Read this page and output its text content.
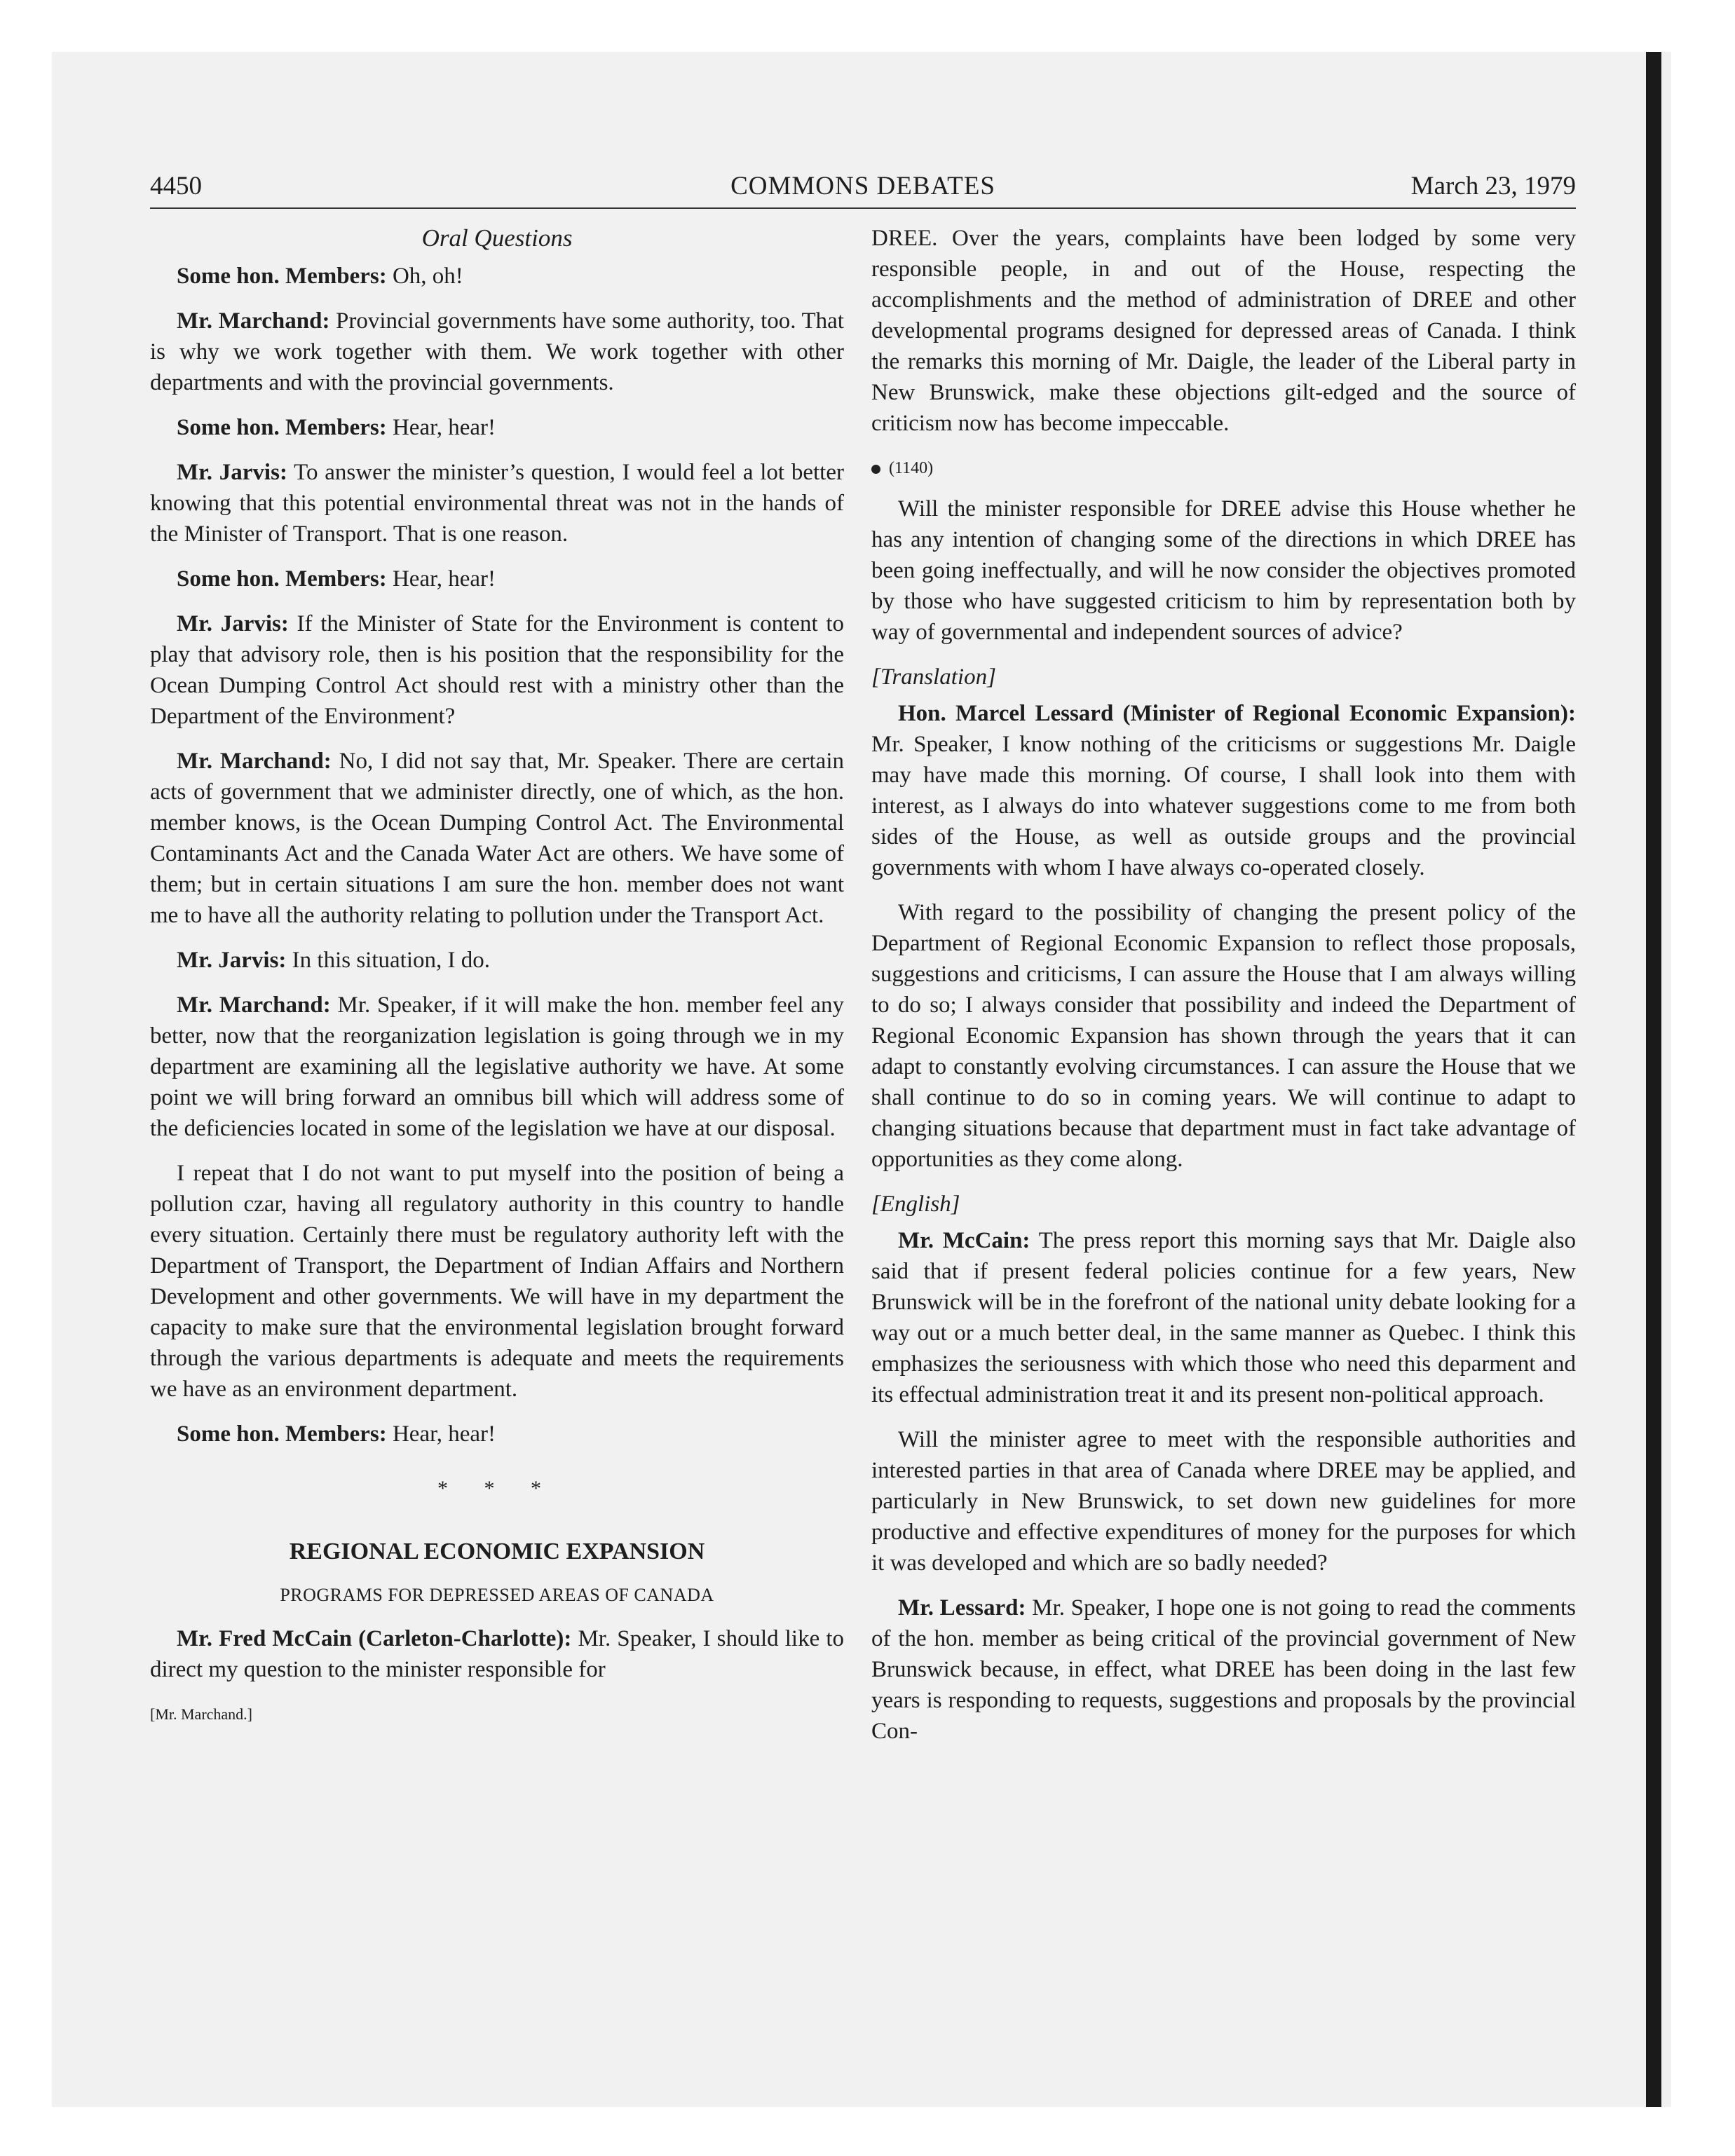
4450	COMMONS DEBATES	March 23, 1979
Oral Questions

Some hon. Members: Oh, oh!

Mr. Marchand: Provincial governments have some authority, too. That is why we work together with them. We work together with other departments and with the provincial governments.

Some hon. Members: Hear, hear!

Mr. Jarvis: To answer the minister’s question, I would feel a lot better knowing that this potential environmental threat was not in the hands of the Minister of Transport. That is one reason.

Some hon. Members: Hear, hear!

Mr. Jarvis: If the Minister of State for the Environment is content to play that advisory role, then is his position that the responsibility for the Ocean Dumping Control Act should rest with a ministry other than the Department of the Environment?

Mr. Marchand: No, I did not say that, Mr. Speaker. There are certain acts of government that we administer directly, one of which, as the hon. member knows, is the Ocean Dumping Control Act. The Environmental Contaminants Act and the Canada Water Act are others. We have some of them; but in certain situations I am sure the hon. member does not want me to have all the authority relating to pollution under the Transport Act.

Mr. Jarvis: In this situation, I do.

Mr. Marchand: Mr. Speaker, if it will make the hon. member feel any better, now that the reorganization legislation is going through we in my department are examining all the legislative authority we have. At some point we will bring forward an omnibus bill which will address some of the deficiencies located in some of the legislation we have at our disposal.

I repeat that I do not want to put myself into the position of being a pollution czar, having all regulatory authority in this country to handle every situation. Certainly there must be regulatory authority left with the Department of Transport, the Department of Indian Affairs and Northern Development and other governments. We will have in my department the capacity to make sure that the environmental legislation brought forward through the various departments is adequate and meets the requirements we have as an environment department.

Some hon. Members: Hear, hear!

* * *
REGIONAL ECONOMIC EXPANSION
PROGRAMS FOR DEPRESSED AREAS OF CANADA

Mr. Fred McCain (Carleton-Charlotte): Mr. Speaker, I should like to direct my question to the minister responsible for

[Mr. Marchand.]

DREE. Over the years, complaints have been lodged by some very responsible people, in and out of the House, respecting the accomplishments and the method of administration of DREE and other developmental programs designed for depressed areas of Canada. I think the remarks this morning of Mr. Daigle, the leader of the Liberal party in New Brunswick, make these objections gilt-edged and the source of criticism now has become impeccable.

(1140)

Will the minister responsible for DREE advise this House whether he has any intention of changing some of the directions in which DREE has been going ineffectually, and will he now consider the objectives promoted by those who have suggested criticism to him by representation both by way of governmental and independent sources of advice?

[Translation]

Hon. Marcel Lessard (Minister of Regional Economic Expansion): Mr. Speaker, I know nothing of the criticisms or suggestions Mr. Daigle may have made this morning. Of course, I shall look into them with interest, as I always do into whatever suggestions come to me from both sides of the House, as well as outside groups and the provincial governments with whom I have always co-operated closely.

With regard to the possibility of changing the present policy of the Department of Regional Economic Expansion to reflect those proposals, suggestions and criticisms, I can assure the House that I am always willing to do so; I always consider that possibility and indeed the Department of Regional Economic Expansion has shown through the years that it can adapt to constantly evolving circumstances. I can assure the House that we shall continue to do so in coming years. We will continue to adapt to changing situations because that department must in fact take advantage of opportunities as they come along.

[English]

Mr. McCain: The press report this morning says that Mr. Daigle also said that if present federal policies continue for a few years, New Brunswick will be in the forefront of the national unity debate looking for a way out or a much better deal, in the same manner as Quebec. I think this emphasizes the seriousness with which those who need this deparment and its effectual administration treat it and its present non-political approach.

Will the minister agree to meet with the responsible authorities and interested parties in that area of Canada where DREE may be applied, and particularly in New Brunswick, to set down new guidelines for more productive and effective expenditures of money for the purposes for which it was developed and which are so badly needed?

Mr. Lessard: Mr. Speaker, I hope one is not going to read the comments of the hon. member as being critical of the provincial government of New Brunswick because, in effect, what DREE has been doing in the last few years is responding to requests, suggestions and proposals by the provincial Con-
